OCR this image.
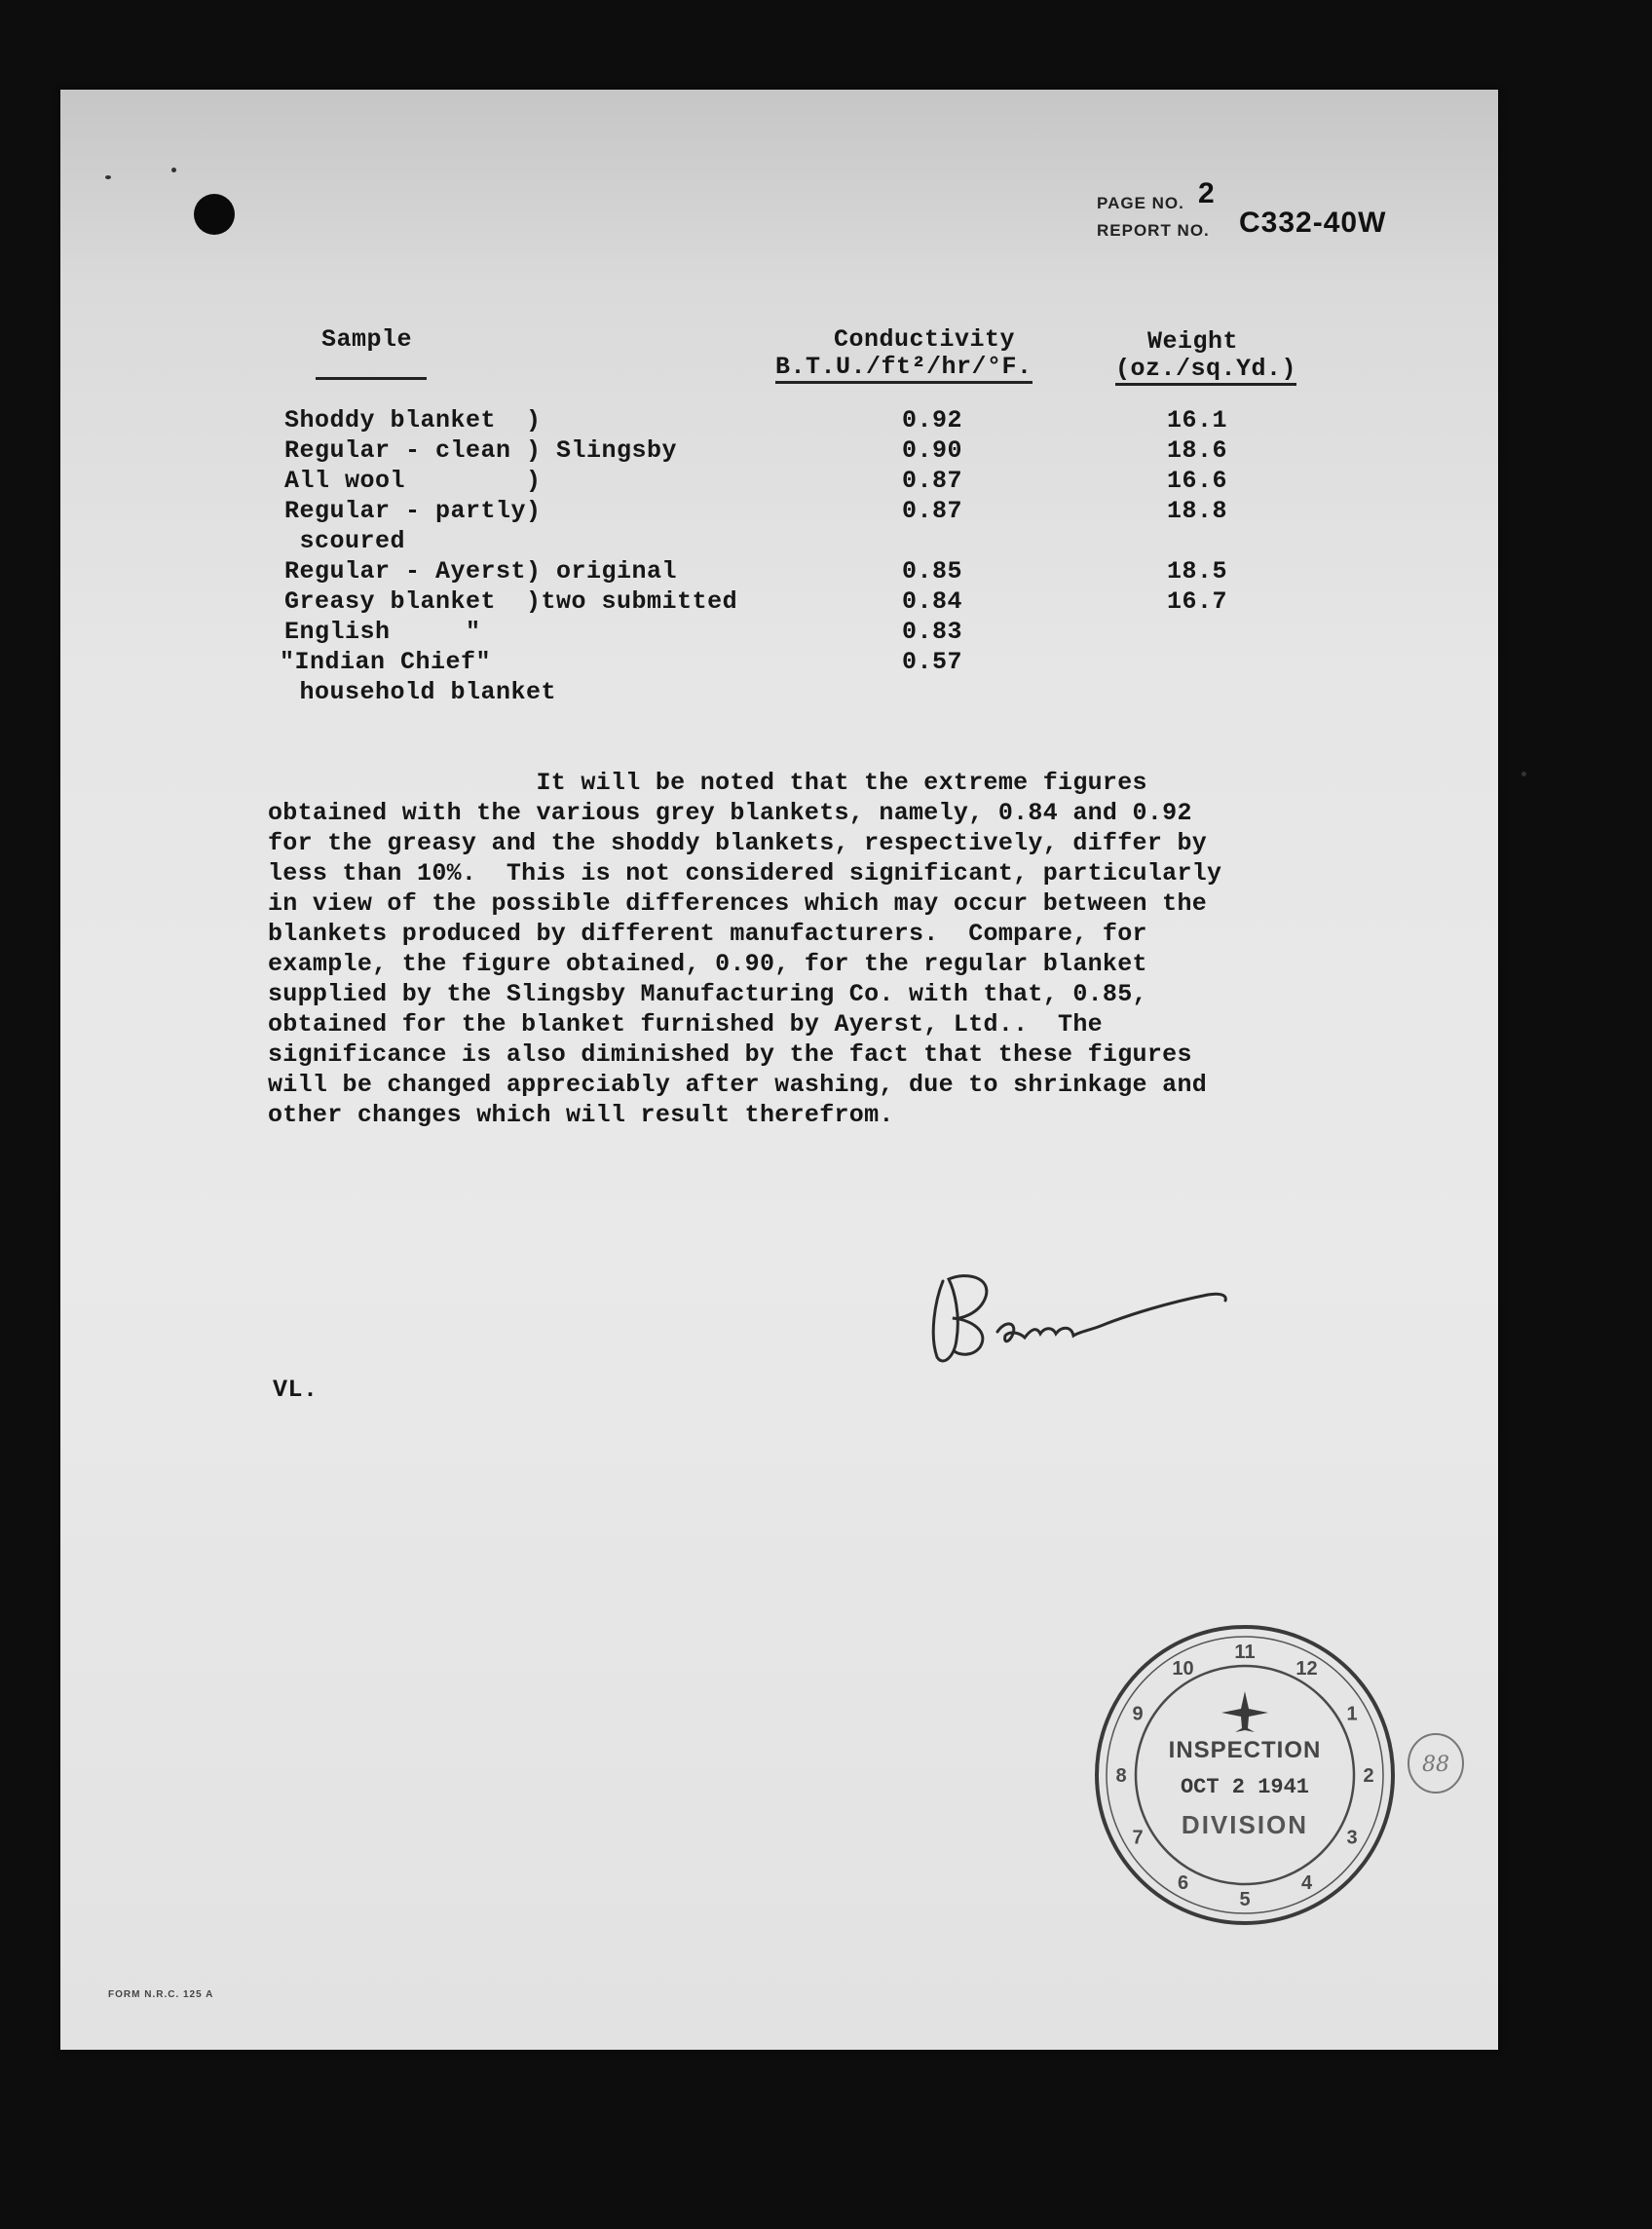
PAGE NO. 2
REPORT NO. C332-40W
Sample	Conductivity
B.T.U./ft²/hr/°F.
Weight
(oz./sq.Yd.)
Shoddy blanket  )	0.92	16.1
Regular - clean ) Slingsby	0.90	18.6
All wool        )	0.87	16.6
Regular - partly)	0.87	18.8
scoured
Regular - Ayerst) original	0.85	18.5
Greasy blanket  )two submitted	0.84	16.7
English     "	0.83
"Indian Chief"	0.57
household blanket
It will be noted that the extreme figures
obtained with the various grey blankets, namely, 0.84 and 0.92
for the greasy and the shoddy blankets, respectively, differ by
less than 10%.  This is not considered significant, particularly
in view of the possible differences which may occur between the
blankets produced by different manufacturers.  Compare, for
example, the figure obtained, 0.90, for the regular blanket
supplied by the Slingsby Manufacturing Co. with that, 0.85,
obtained for the blanket furnished by Ayerst, Ltd..  The
significance is also diminished by the fact that these figures
will be changed appreciably after washing, due to shrinkage and
other changes which will result therefrom.
VL.
FORM N.R.C. 125 A
10
11
12
1
2
3
4
5
6
7
8
9
INSPECTION
OCT 2 1941
DIVISION
88
